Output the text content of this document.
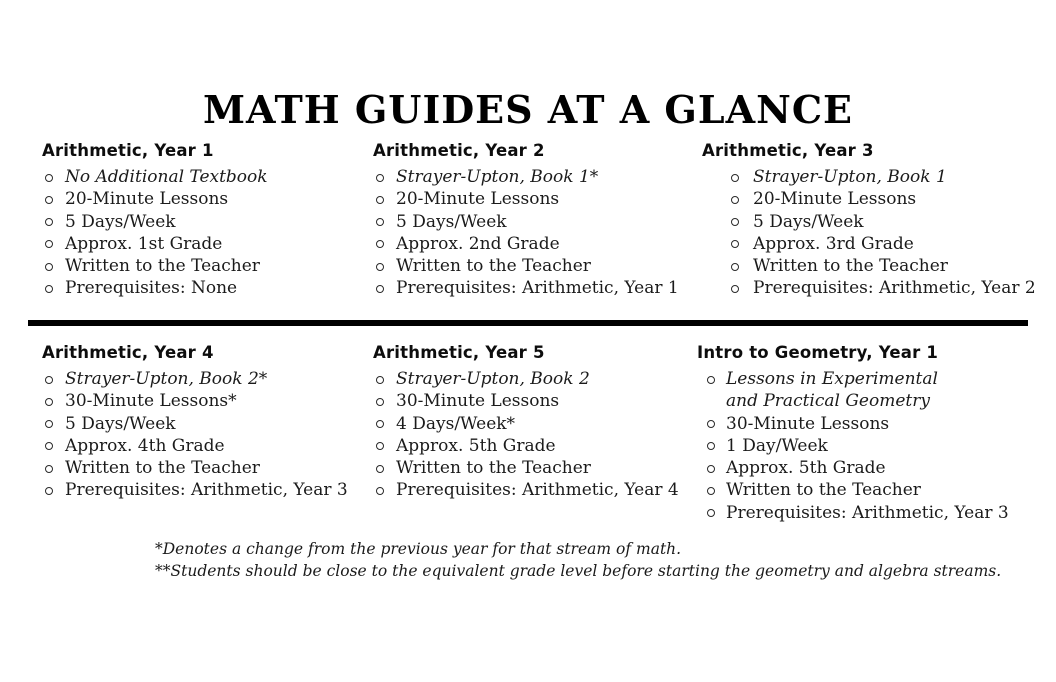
MATH GUIDES AT A GLANCE
Arithmetic, Year 1
No Additional Textbook
20-Minute Lessons
5 Days/Week
Approx. 1st Grade
Written to the Teacher
Prerequisites: None
Arithmetic, Year 2
Strayer-Upton, Book 1*
20-Minute Lessons
5 Days/Week
Approx. 2nd Grade
Written to the Teacher
Prerequisites: Arithmetic, Year 1
Arithmetic, Year 3
Strayer-Upton, Book 1
20-Minute Lessons
5 Days/Week
Approx. 3rd Grade
Written to the Teacher
Prerequisites: Arithmetic, Year 2
Arithmetic, Year 4
Strayer-Upton, Book 2*
30-Minute Lessons*
5 Days/Week
Approx. 4th Grade
Written to the Teacher
Prerequisites: Arithmetic, Year 3
Arithmetic, Year 5
Strayer-Upton, Book 2
30-Minute Lessons
4 Days/Week*
Approx. 5th Grade
Written to the Teacher
Prerequisites: Arithmetic, Year 4
Intro to Geometry, Year 1
Lessons in Experimental and Practical Geometry
30-Minute Lessons
1 Day/Week
Approx. 5th Grade
Written to the Teacher
Prerequisites: Arithmetic, Year 3
*Denotes a change from the previous year for that stream of math.
**Students should be close to the equivalent grade level before starting the geometry and algebra streams.
